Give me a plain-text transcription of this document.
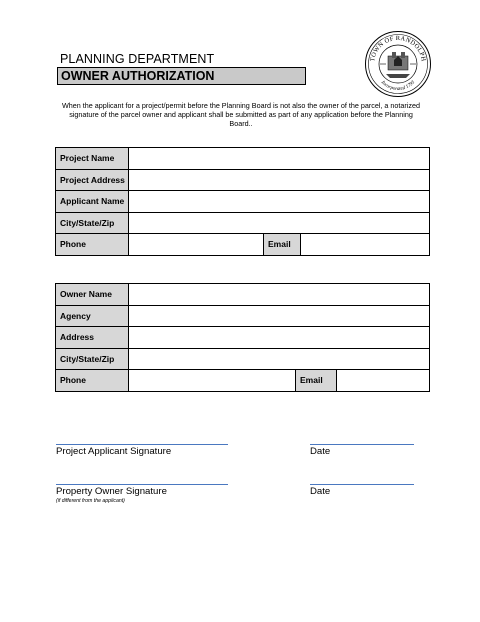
PLANNING DEPARTMENT
OWNER AUTHORIZATION
TOWN OF RANDOLPH
Incorporated 1793
When the applicant for a project/permit before the Planning Board is not also the owner of the parcel, a notarized signature of the parcel owner and applicant shall be submitted as part of any application before the Planning Board..
Project Name			
Project Address			
Applicant Name			
City/State/Zip			
Phone		Email	
Owner Name			
Agency			
Address			
City/State/Zip			
Phone		Email	
Project Applicant Signature	Date
Property Owner Signature
(if different from the applicant)
Date
